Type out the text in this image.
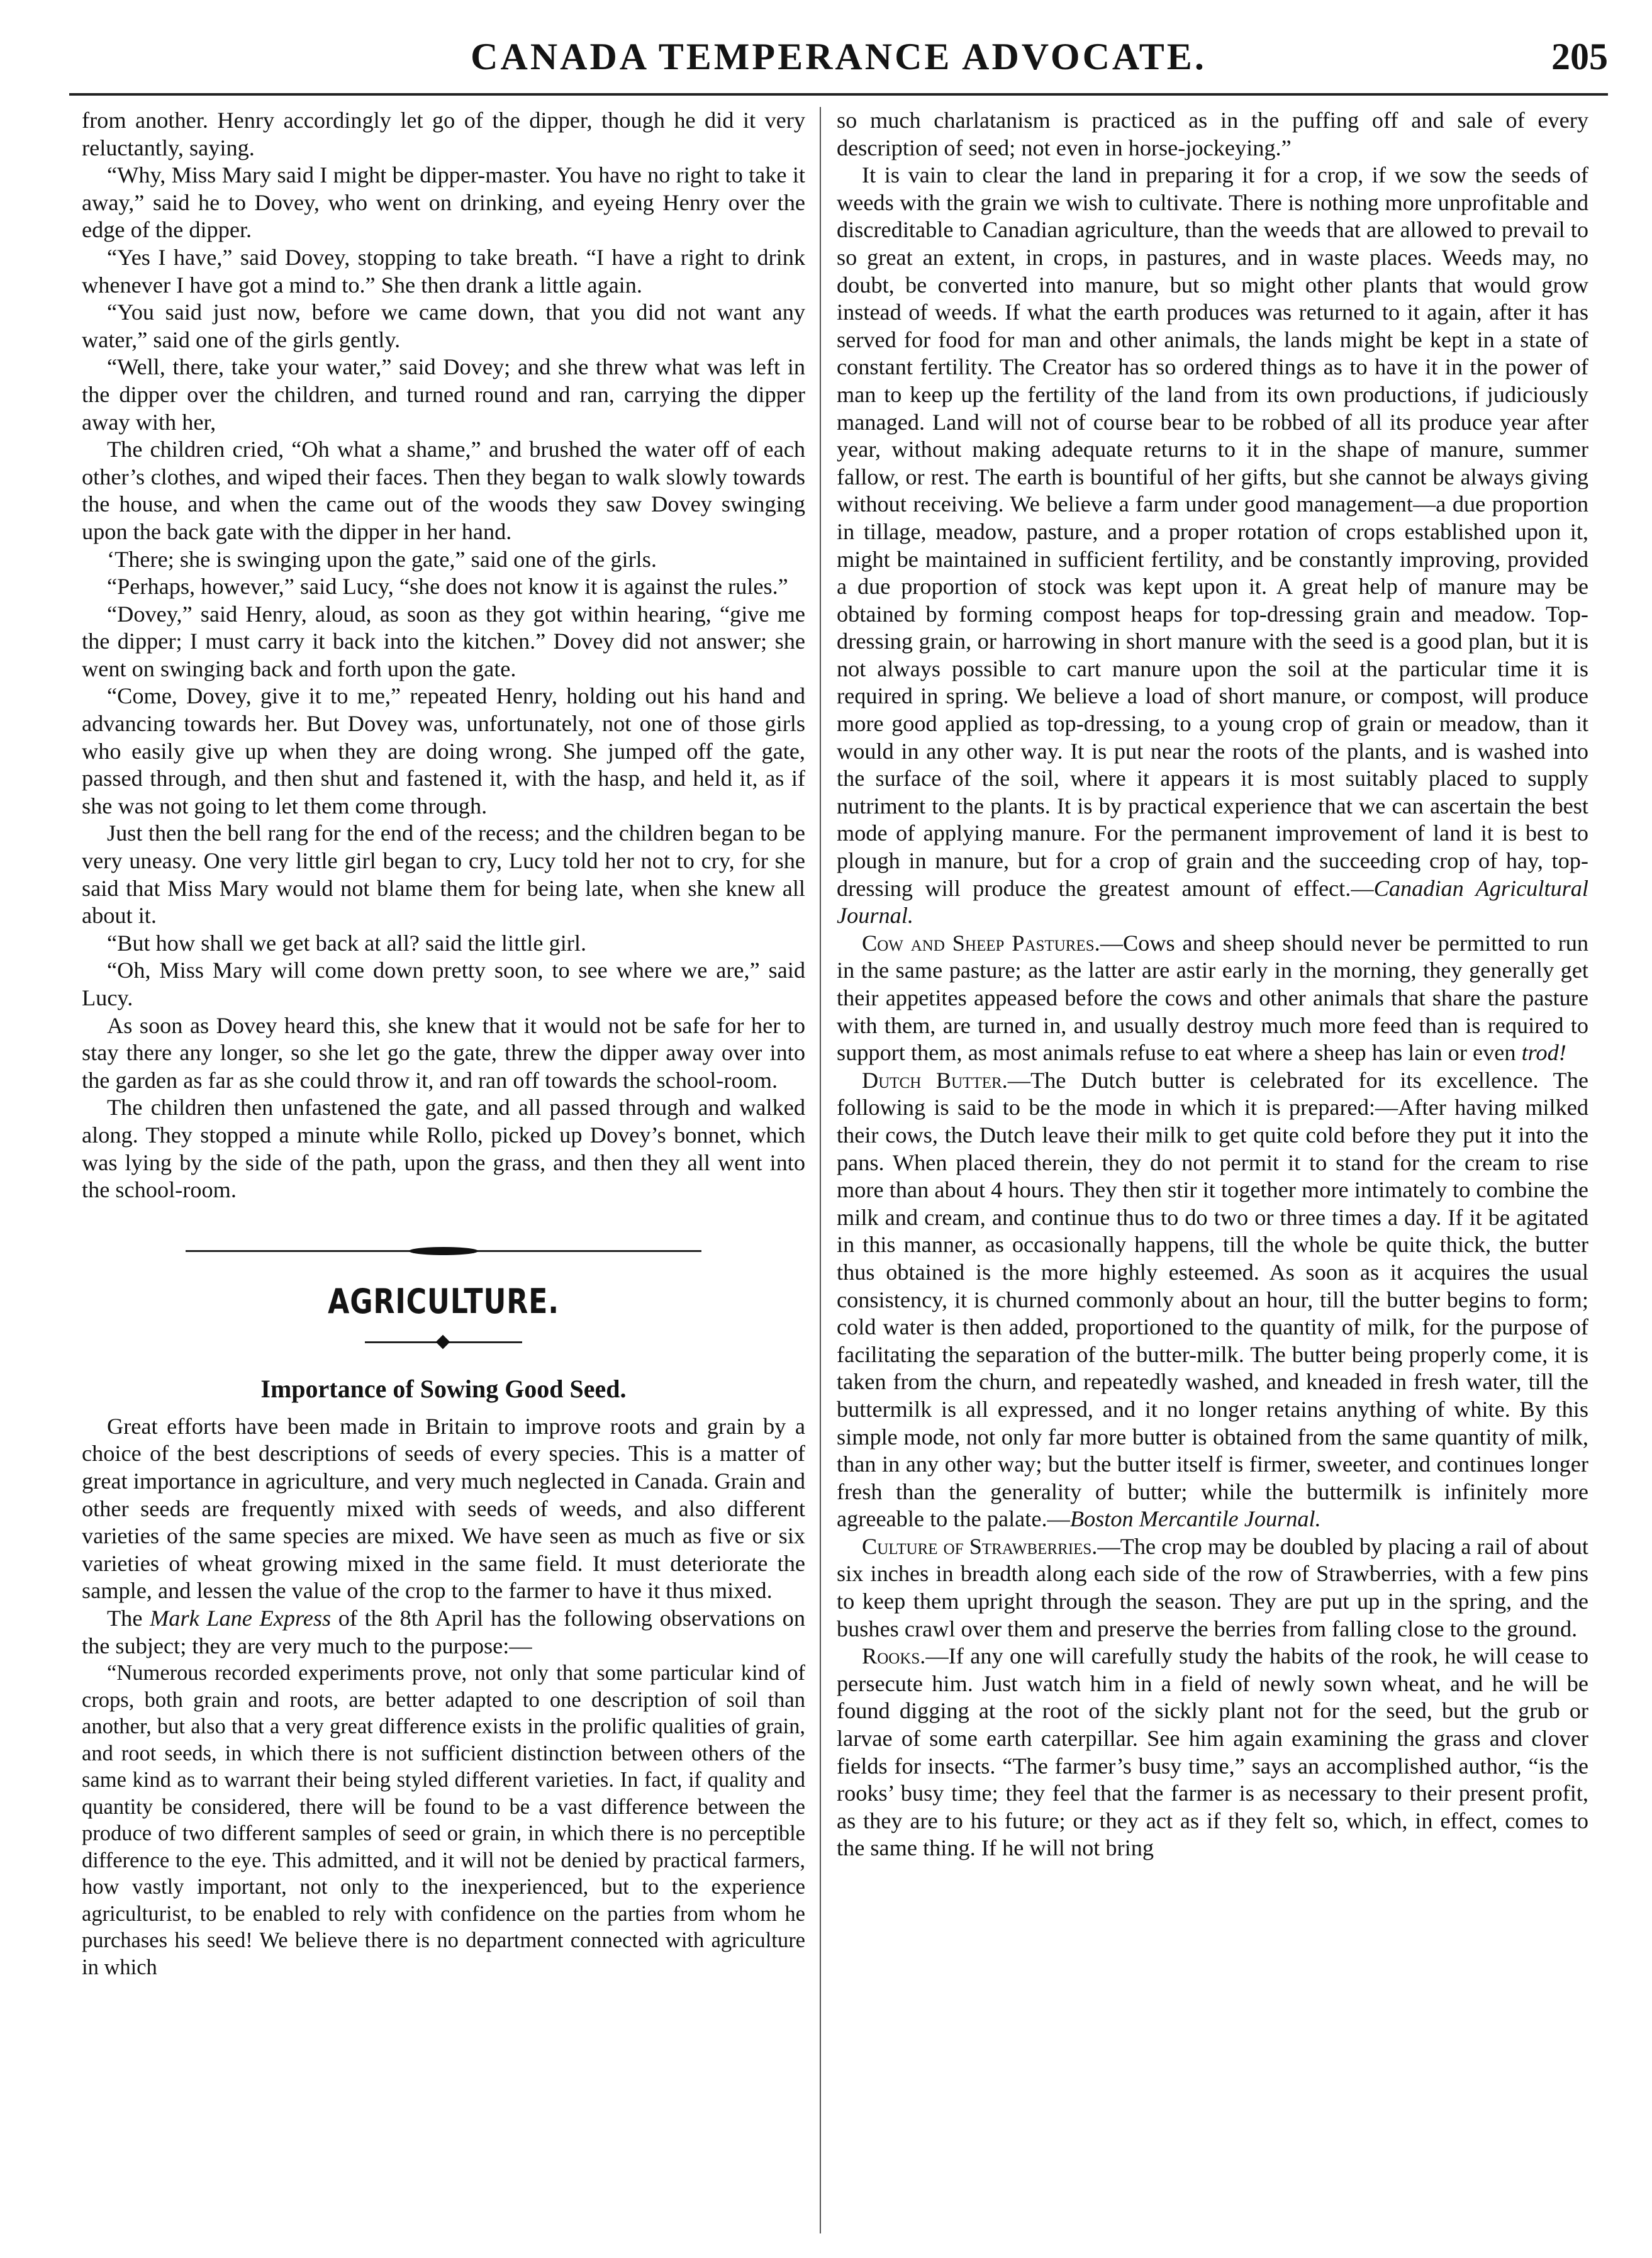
CANADA TEMPERANCE ADVOCATE.	205

from another. Henry accordingly let go of the dipper, though he did it very reluctantly, saying.

“Why, Miss Mary said I might be dipper-master. You have no right to take it away,” said he to Dovey, who went on drinking, and eyeing Henry over the edge of the dipper.

“Yes I have,” said Dovey, stopping to take breath. “I have a right to drink whenever I have got a mind to.” She then drank a little again.

“You said just now, before we came down, that you did not want any water,” said one of the girls gently.

“Well, there, take your water,” said Dovey; and she threw what was left in the dipper over the children, and turned round and ran, carrying the dipper away with her,

The children cried, “Oh what a shame,” and brushed the water off of each other’s clothes, and wiped their faces. Then they began to walk slowly towards the house, and when the came out of the woods they saw Dovey swinging upon the back gate with the dipper in her hand.

‘There; she is swinging upon the gate,” said one of the girls.

“Perhaps, however,” said Lucy, “she does not know it is against the rules.”

“Dovey,” said Henry, aloud, as soon as they got within hearing, “give me the dipper; I must carry it back into the kitchen.” Dovey did not answer; she went on swinging back and forth upon the gate.

“Come, Dovey, give it to me,” repeated Henry, holding out his hand and advancing towards her. But Dovey was, unfortunately, not one of those girls who easily give up when they are doing wrong. She jumped off the gate, passed through, and then shut and fastened it, with the hasp, and held it, as if she was not going to let them come through.

Just then the bell rang for the end of the recess; and the children began to be very uneasy. One very little girl began to cry, Lucy told her not to cry, for she said that Miss Mary would not blame them for being late, when she knew all about it.

“But how shall we get back at all? said the little girl.

“Oh, Miss Mary will come down pretty soon, to see where we are,” said Lucy.

As soon as Dovey heard this, she knew that it would not be safe for her to stay there any longer, so she let go the gate, threw the dipper away over into the garden as far as she could throw it, and ran off towards the school-room.

The children then unfastened the gate, and all passed through and walked along. They stopped a minute while Rollo, picked up Dovey’s bonnet, which was lying by the side of the path, upon the grass, and then they all went into the school-room.

AGRICULTURE.
Importance of Sowing Good Seed.

Great efforts have been made in Britain to improve roots and grain by a choice of the best descriptions of seeds of every species. This is a matter of great importance in agriculture, and very much neglected in Canada. Grain and other seeds are frequently mixed with seeds of weeds, and also different varieties of the same species are mixed. We have seen as much as five or six varieties of wheat growing mixed in the same field. It must deteriorate the sample, and lessen the value of the crop to the farmer to have it thus mixed.

The Mark Lane Express of the 8th April has the following observations on the subject; they are very much to the purpose:—

“Numerous recorded experiments prove, not only that some particular kind of crops, both grain and roots, are better adapted to one description of soil than another, but also that a very great difference exists in the prolific qualities of grain, and root seeds, in which there is not sufficient distinction between others of the same kind as to warrant their being styled different varieties. In fact, if quality and quantity be considered, there will be found to be a vast difference between the produce of two different samples of seed or grain, in which there is no perceptible difference to the eye. This admitted, and it will not be denied by practical farmers, how vastly important, not only to the inexperienced, but to the experience agriculturist, to be enabled to rely with confidence on the parties from whom he purchases his seed! We believe there is no department connected with agriculture in which

so much charlatanism is practiced as in the puffing off and sale of every description of seed; not even in horse-jockeying.”

It is vain to clear the land in preparing it for a crop, if we sow the seeds of weeds with the grain we wish to cultivate. There is nothing more unprofitable and discreditable to Canadian agriculture, than the weeds that are allowed to prevail to so great an extent, in crops, in pastures, and in waste places. Weeds may, no doubt, be converted into manure, but so might other plants that would grow instead of weeds. If what the earth produces was returned to it again, after it has served for food for man and other animals, the lands might be kept in a state of constant fertility. The Creator has so ordered things as to have it in the power of man to keep up the fertility of the land from its own productions, if judiciously managed. Land will not of course bear to be robbed of all its produce year after year, without making adequate returns to it in the shape of manure, summer fallow, or rest. The earth is bountiful of her gifts, but she cannot be always giving without receiving. We believe a farm under good management—a due proportion in tillage, meadow, pasture, and a proper rotation of crops established upon it, might be maintained in sufficient fertility, and be constantly improving, provided a due proportion of stock was kept upon it. A great help of manure may be obtained by forming compost heaps for top-dressing grain and meadow. Top-dressing grain, or harrowing in short manure with the seed is a good plan, but it is not always possible to cart manure upon the soil at the particular time it is required in spring. We believe a load of short manure, or compost, will produce more good applied as top-dressing, to a young crop of grain or meadow, than it would in any other way. It is put near the roots of the plants, and is washed into the surface of the soil, where it appears it is most suitably placed to supply nutriment to the plants. It is by practical experience that we can ascertain the best mode of applying manure. For the permanent improvement of land it is best to plough in manure, but for a crop of grain and the succeeding crop of hay, top-dressing will produce the greatest amount of effect.—Canadian Agricultural Journal.

Cow and Sheep Pastures.—Cows and sheep should never be permitted to run in the same pasture; as the latter are astir early in the morning, they generally get their appetites appeased before the cows and other animals that share the pasture with them, are turned in, and usually destroy much more feed than is required to support them, as most animals refuse to eat where a sheep has lain or even trod!

Dutch Butter.—The Dutch butter is celebrated for its excellence. The following is said to be the mode in which it is prepared:—After having milked their cows, the Dutch leave their milk to get quite cold before they put it into the pans. When placed therein, they do not permit it to stand for the cream to rise more than about 4 hours. They then stir it together more intimately to combine the milk and cream, and continue thus to do two or three times a day. If it be agitated in this manner, as occasionally happens, till the whole be quite thick, the butter thus obtained is the more highly esteemed. As soon as it acquires the usual consistency, it is churned commonly about an hour, till the butter begins to form; cold water is then added, proportioned to the quantity of milk, for the purpose of facilitating the separation of the butter-milk. The butter being properly come, it is taken from the churn, and repeatedly washed, and kneaded in fresh water, till the buttermilk is all expressed, and it no longer retains anything of white. By this simple mode, not only far more butter is obtained from the same quantity of milk, than in any other way; but the butter itself is firmer, sweeter, and continues longer fresh than the generality of butter; while the buttermilk is infinitely more agreeable to the palate.—Boston Mercantile Journal.

Culture of Strawberries.—The crop may be doubled by placing a rail of about six inches in breadth along each side of the row of Strawberries, with a few pins to keep them upright through the season. They are put up in the spring, and the bushes crawl over them and preserve the berries from falling close to the ground.

Rooks.—If any one will carefully study the habits of the rook, he will cease to persecute him. Just watch him in a field of newly sown wheat, and he will be found digging at the root of the sickly plant not for the seed, but the grub or larvae of some earth caterpillar. See him again examining the grass and clover fields for insects. “The farmer’s busy time,” says an accomplished author, “is the rooks’ busy time; they feel that the farmer is as necessary to their present profit, as they are to his future; or they act as if they felt so, which, in effect, comes to the same thing. If he will not bring
